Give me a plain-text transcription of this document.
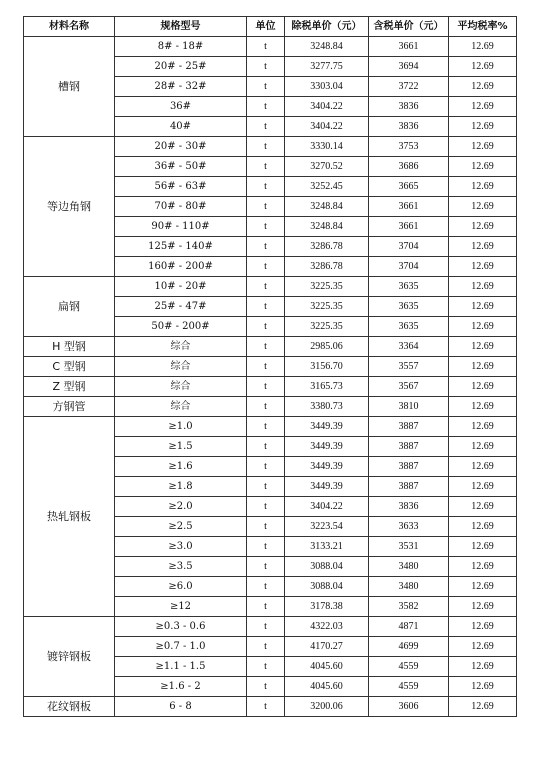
材料名称	规格型号	单位	除税单价（元）	含税单价（元）	平均税率%
槽钢	8# - 18#	t	3248.84	3661	12.69
	20# - 25#	t	3277.75	3694	12.69
	28# - 32#	t	3303.04	3722	12.69
	36#	t	3404.22	3836	12.69
	40#	t	3404.22	3836	12.69
等边角钢	20# - 30#	t	3330.14	3753	12.69
	36# - 50#	t	3270.52	3686	12.69
	56# - 63#	t	3252.45	3665	12.69
	70# - 80#	t	3248.84	3661	12.69
	90# - 110#	t	3248.84	3661	12.69
	125# - 140#	t	3286.78	3704	12.69
	160# - 200#	t	3286.78	3704	12.69
扁钢	10# - 20#	t	3225.35	3635	12.69
	25# - 47#	t	3225.35	3635	12.69
	50# - 200#	t	3225.35	3635	12.69
H 型钢	综合	t	2985.06	3364	12.69
C 型钢	综合	t	3156.70	3557	12.69
Z 型钢	综合	t	3165.73	3567	12.69
方钢管	综合	t	3380.73	3810	12.69
热轧钢板	≥1.0	t	3449.39	3887	12.69
	≥1.5	t	3449.39	3887	12.69
	≥1.6	t	3449.39	3887	12.69
	≥1.8	t	3449.39	3887	12.69
	≥2.0	t	3404.22	3836	12.69
	≥2.5	t	3223.54	3633	12.69
	≥3.0	t	3133.21	3531	12.69
	≥3.5	t	3088.04	3480	12.69
	≥6.0	t	3088.04	3480	12.69
	≥12	t	3178.38	3582	12.69
镀锌钢板	≥0.3 - 0.6	t	4322.03	4871	12.69
	≥0.7 - 1.0	t	4170.27	4699	12.69
	≥1.1 - 1.5	t	4045.60	4559	12.69
	≥1.6 - 2	t	4045.60	4559	12.69
花纹钢板	6 - 8	t	3200.06	3606	12.69
